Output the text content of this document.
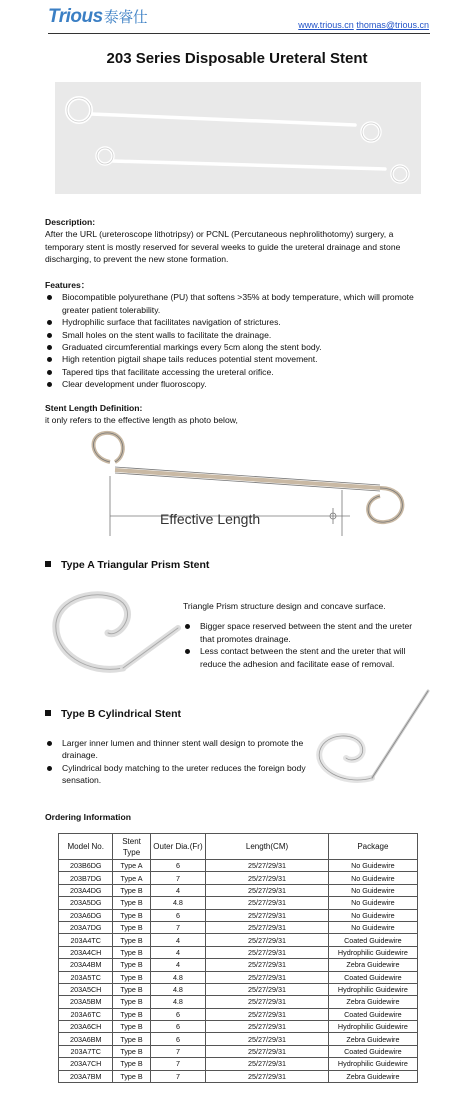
Trious泰睿仕	www.trious.cn thomas@trious.cn
203 Series Disposable Ureteral Stent
Description:
After the URL (ureteroscope lithotripsy) or PCNL (Percutaneous nephrolithotomy) surgery, a temporary stent is mostly reserved for several weeks to guide the ureteral drainage and stone discharging, to prevent the new stone formation.
Features：
Biocompatible polyurethane (PU) that softens >35% at body temperature, which will promote greater patient tolerability.
Hydrophilic surface that facilitates navigation of strictures.
Small holes on the stent walls to facilitate the drainage.
Graduated circumferential markings every 5cm along the stent body.
High retention pigtail shape tails reduces potential stent movement.
Tapered tips that facilitate accessing the ureteral orifice.
Clear development under fluoroscopy.
Stent Length Definition:
it only refers to the effective length as photo below,
Effective Length
Type A Triangular Prism Stent
Triangle Prism structure design and concave surface.
Bigger space reserved between the stent and the ureter that promotes drainage.
Less contact between the stent and the ureter that will reduce the adhesion and facilitate ease of removal.
Type B Cylindrical Stent
Larger inner lumen and thinner stent wall design to promote the drainage.
Cylindrical body matching to the ureter reduces the foreign body sensation.
Ordering Information
Model No.	Stent Type	Outer Dia.(Fr)	Length(CM)	Package
203B6DG	Type A	6	25/27/29/31	No Guidewire
203B7DG	Type A	7	25/27/29/31	No Guidewire
203A4DG	Type B	4	25/27/29/31	No Guidewire
203A5DG	Type B	4.8	25/27/29/31	No Guidewire
203A6DG	Type B	6	25/27/29/31	No Guidewire
203A7DG	Type B	7	25/27/29/31	No Guidewire
203A4TC	Type B	4	25/27/29/31	Coated Guidewire
203A4CH	Type B	4	25/27/29/31	Hydrophilic Guidewire
203A4BM	Type B	4	25/27/29/31	Zebra Guidewire
203A5TC	Type B	4.8	25/27/29/31	Coated Guidewire
203A5CH	Type B	4.8	25/27/29/31	Hydrophilic Guidewire
203A5BM	Type B	4.8	25/27/29/31	Zebra Guidewire
203A6TC	Type B	6	25/27/29/31	Coated Guidewire
203A6CH	Type B	6	25/27/29/31	Hydrophilic Guidewire
203A6BM	Type B	6	25/27/29/31	Zebra Guidewire
203A7TC	Type B	7	25/27/29/31	Coated Guidewire
203A7CH	Type B	7	25/27/29/31	Hydrophilic Guidewire
203A7BM	Type B	7	25/27/29/31	Zebra Guidewire
